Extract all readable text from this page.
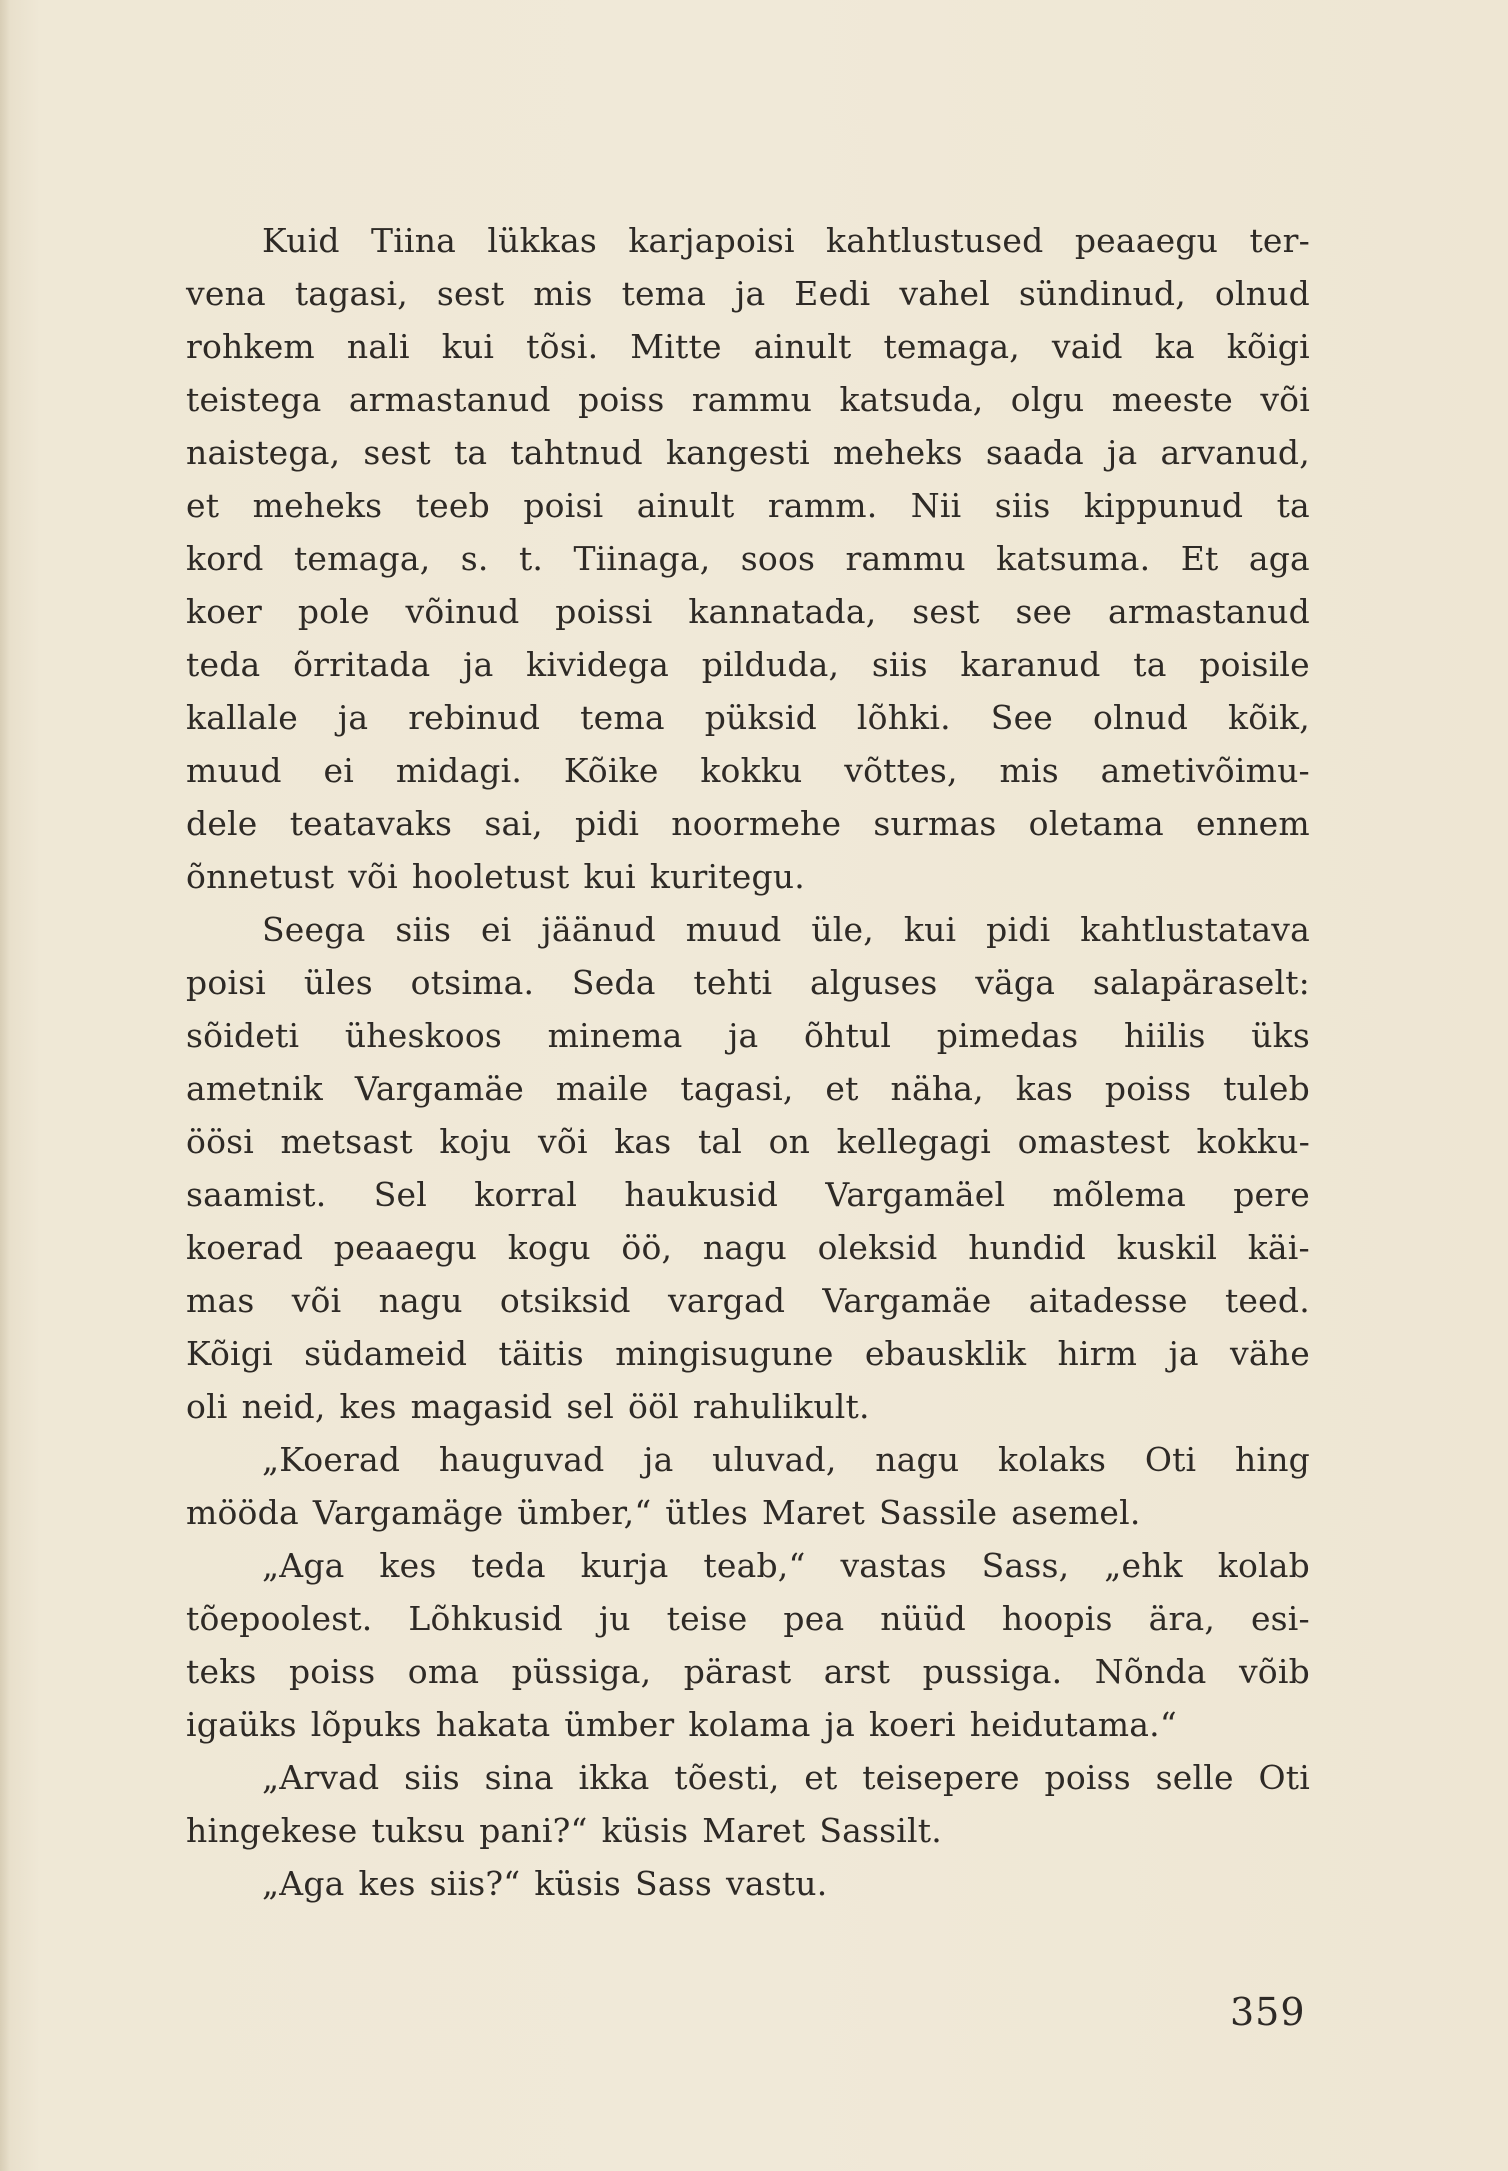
Kuid Tiina lükkas karjapoisi kahtlustused peaaegu ter-
vena tagasi, sest mis tema ja Eedi vahel sündinud, olnud
rohkem nali kui tõsi. Mitte ainult temaga, vaid ka kõigi
teistega armastanud poiss rammu katsuda, olgu meeste või
naistega, sest ta tahtnud kangesti meheks saada ja arvanud,
et meheks teeb poisi ainult ramm. Nii siis kippunud ta
kord temaga, s. t. Tiinaga, soos rammu katsuma. Et aga
koer pole võinud poissi kannatada, sest see armastanud
teda õrritada ja kividega pilduda, siis karanud ta poisile
kallale ja rebinud tema püksid lõhki. See olnud kõik,
muud ei midagi. Kõike kokku võttes, mis ametivõimu-
dele teatavaks sai, pidi noormehe surmas oletama ennem
õnnetust või hooletust kui kuritegu.
Seega siis ei jäänud muud üle, kui pidi kahtlustatava
poisi üles otsima. Seda tehti alguses väga salapäraselt:
sõideti üheskoos minema ja õhtul pimedas hiilis üks
ametnik Vargamäe maile tagasi, et näha, kas poiss tuleb
öösi metsast koju või kas tal on kellegagi omastest kokku-
saamist. Sel korral haukusid Vargamäel mõlema pere
koerad peaaegu kogu öö, nagu oleksid hundid kuskil käi-
mas või nagu otsiksid vargad Vargamäe aitadesse teed.
Kõigi südameid täitis mingisugune ebausklik hirm ja vähe
oli neid, kes magasid sel ööl rahulikult.
„Koerad hauguvad ja uluvad, nagu kolaks Oti hing
mööda Vargamäge ümber,“ ütles Maret Sassile asemel.
„Aga kes teda kurja teab,“ vastas Sass, „ehk kolab
tõepoolest. Lõhkusid ju teise pea nüüd hoopis ära, esi-
teks poiss oma püssiga, pärast arst pussiga. Nõnda võib
igaüks lõpuks hakata ümber kolama ja koeri heidutama.“
„Arvad siis sina ikka tõesti, et teisepere poiss selle Oti
hingekese tuksu pani?“ küsis Maret Sassilt.
„Aga kes siis?“ küsis Sass vastu.
359
